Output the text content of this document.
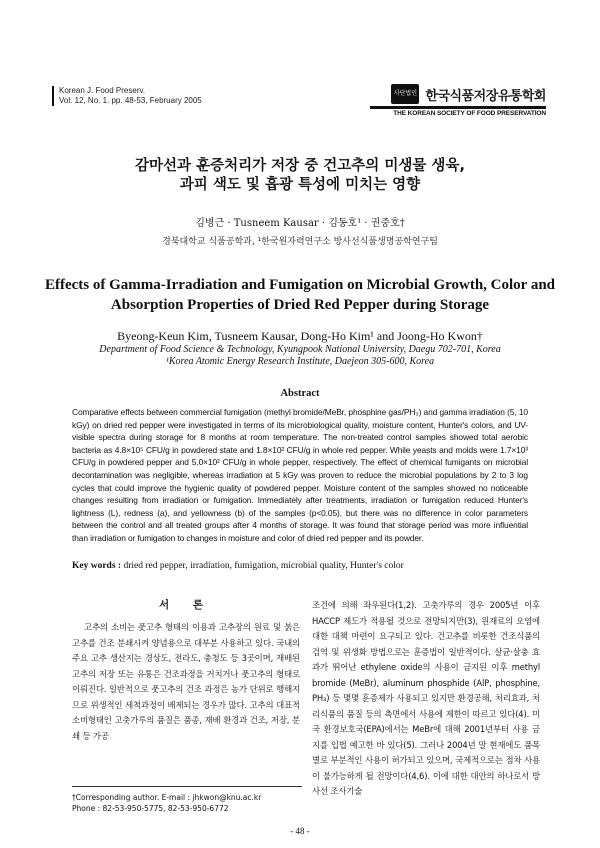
Korean J. Food Preserv.
Vol. 12, No. 1. pp. 48-53, February 2005
사단법인 한국식품저장유통학회
THE KOREAN SOCIETY OF FOOD PRESERVATION
감마선과 훈증처리가 저장 중 건고추의 미생물 생육,
과피 색도 및 흡광 특성에 미치는 영향
김병근 · Tusneem Kausar · 김동호¹ · 권중호†
경북대학교 식품공학과, ¹한국원자력연구소 방사선식품생명공학연구팀
Effects of Gamma-Irradiation and Fumigation on Microbial Growth, Color and
Absorption Properties of Dried Red Pepper during Storage
Byeong-Keun Kim, Tusneem Kausar, Dong-Ho Kim¹ and Joong-Ho Kwon†
Department of Food Science & Technology, Kyungpook National University, Daegu 702-701, Korea
¹Korea Atomic Energy Research Institute, Daejeon 305-600, Korea
Abstract
Comparative effects between commercial fumigation (methyl bromide/MeBr, phosphine gas/PH₃) and gamma irradiation (5, 10 kGy) on dried red pepper were investigated in terms of its microbiological quality, moisture content, Hunter's colors, and UV-visible spectra during storage for 8 months at room temperature. The non-treated control samples showed total aerobic bacteria as 4.8×10⁵ CFU/g in powdered state and 1.8×10² CFU/g in whole red pepper. While yeasts and molds were 1.7×10³ CFU/g in powdered pepper and 5.0×10² CFU/g in whole pepper, respectively. The effect of chemical fumigants on microbial decontamination was negligible, whereas irradiation at 5 kGy was proven to reduce the microbial populations by 2 to 3 log cycles that could improve the hygienic quality of powdered pepper. Moisture content of the samples showed no noticeable changes resulting from irradiation or fumigation. Immediately after treatments, irradiation or fumigation reduced Hunter's lightness (L), redness (a), and yellowness (b) of the samples (p<0.05), but there was no difference in color parameters between the control and all treated groups after 4 months of storage. It was found that storage period was more influential than irradiation or fumigation to changes in moisture and color of dried red pepper and its powder.
Key words : dried red pepper, irradiation, fumigation, microbial quality, Hunter's color
서 론

고추의 소비는 풋고추 형태의 이용과 고추장의 원료 및 붉은 고추를 건조 분쇄시켜 양념용으로 대부분 사용하고 있다. 국내의 주요 고추 생산지는 경상도, 전라도, 충청도 등 3곳이며, 재배된 고추의 저장 또는 유통은 건조과정을 거치거나 풋고추의 형태로 이뤄진다. 일반적으로 풋고추의 건조 과정은 농가 단위로 행해지므로 위생적인 세척과정이 배제되는 경우가 많다. 고추의 대표적 소비형태인 고춧가루의 품질은 품종, 재배 환경과 건조, 저장, 분쇄 등 가공

조건에 의해 좌우된다(1,2). 고춧가루의 경우 2005년 이후 HACCP 제도가 적용될 것으로 전망되지만(3), 원재료의 오염에 대한 대책 마련이 요구되고 있다. 건고추를 비롯한 건조식품의 검역 및 위생화 방법으로는 훈증법이 일반적이다. 살균·살충 효과가 뛰어난 ethylene oxide의 사용이 금지된 이후 methyl bromide (MeBr), aluminum phosphide (AlP, phosphine, PH₃) 등 몇몇 훈증제가 사용되고 있지만 환경공해, 처리효과, 처리식품의 품질 등의 측면에서 사용에 제한이 따르고 있다(4). 미국 환경보호국(EPA)에서는 MeBr에 대해 2001년부터 사용 금지를 입법 예고한 바 있다(5). 그러나 2004년 말 현재에도 품목별로 부분적인 사용이 허가되고 있으며, 국제적으로는 점차 사용이 불가능하게 될 전망이다(4,6). 이에 대한 대안의 하나로서 방사선 조사기술

†Corresponding author. E-mail : jhkwon@knu.ac.kr
Phone : 82-53-950-5775, 82-53-950-6772
- 48 -
